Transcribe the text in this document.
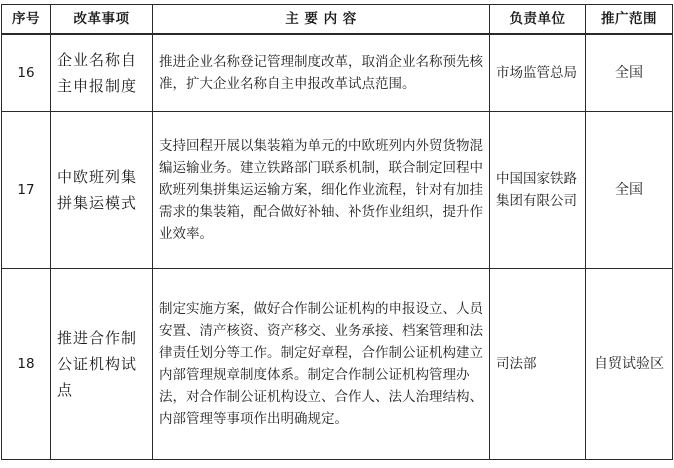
序号	改革事项	主 要 内 容	负责单位	推广范围
16	企业名称自主申报制度	推进企业名称登记管理制度改革，取消企业名称预先核准，扩大企业名称自主申报改革试点范围。	市场监管总局	全国
17	中欧班列集拼集运模式	支持回程开展以集装箱为单元的中欧班列内外贸货物混编运输业务。建立铁路部门联系机制，联合制定回程中欧班列集拼集运运输方案，细化作业流程，针对有加挂需求的集装箱，配合做好补轴、补货作业组织，提升作业效率。	中国国家铁路集团有限公司	全国
18	推进合作制公证机构试点	制定实施方案，做好合作制公证机构的申报设立、人员安置、清产核资、资产移交、业务承接、档案管理和法律责任划分等工作。制定好章程，合作制公证机构建立内部管理规章制度体系。制定合作制公证机构管理办法，对合作制公证机构设立、合作人、法人治理结构、内部管理等事项作出明确规定。	司法部	自贸试验区
